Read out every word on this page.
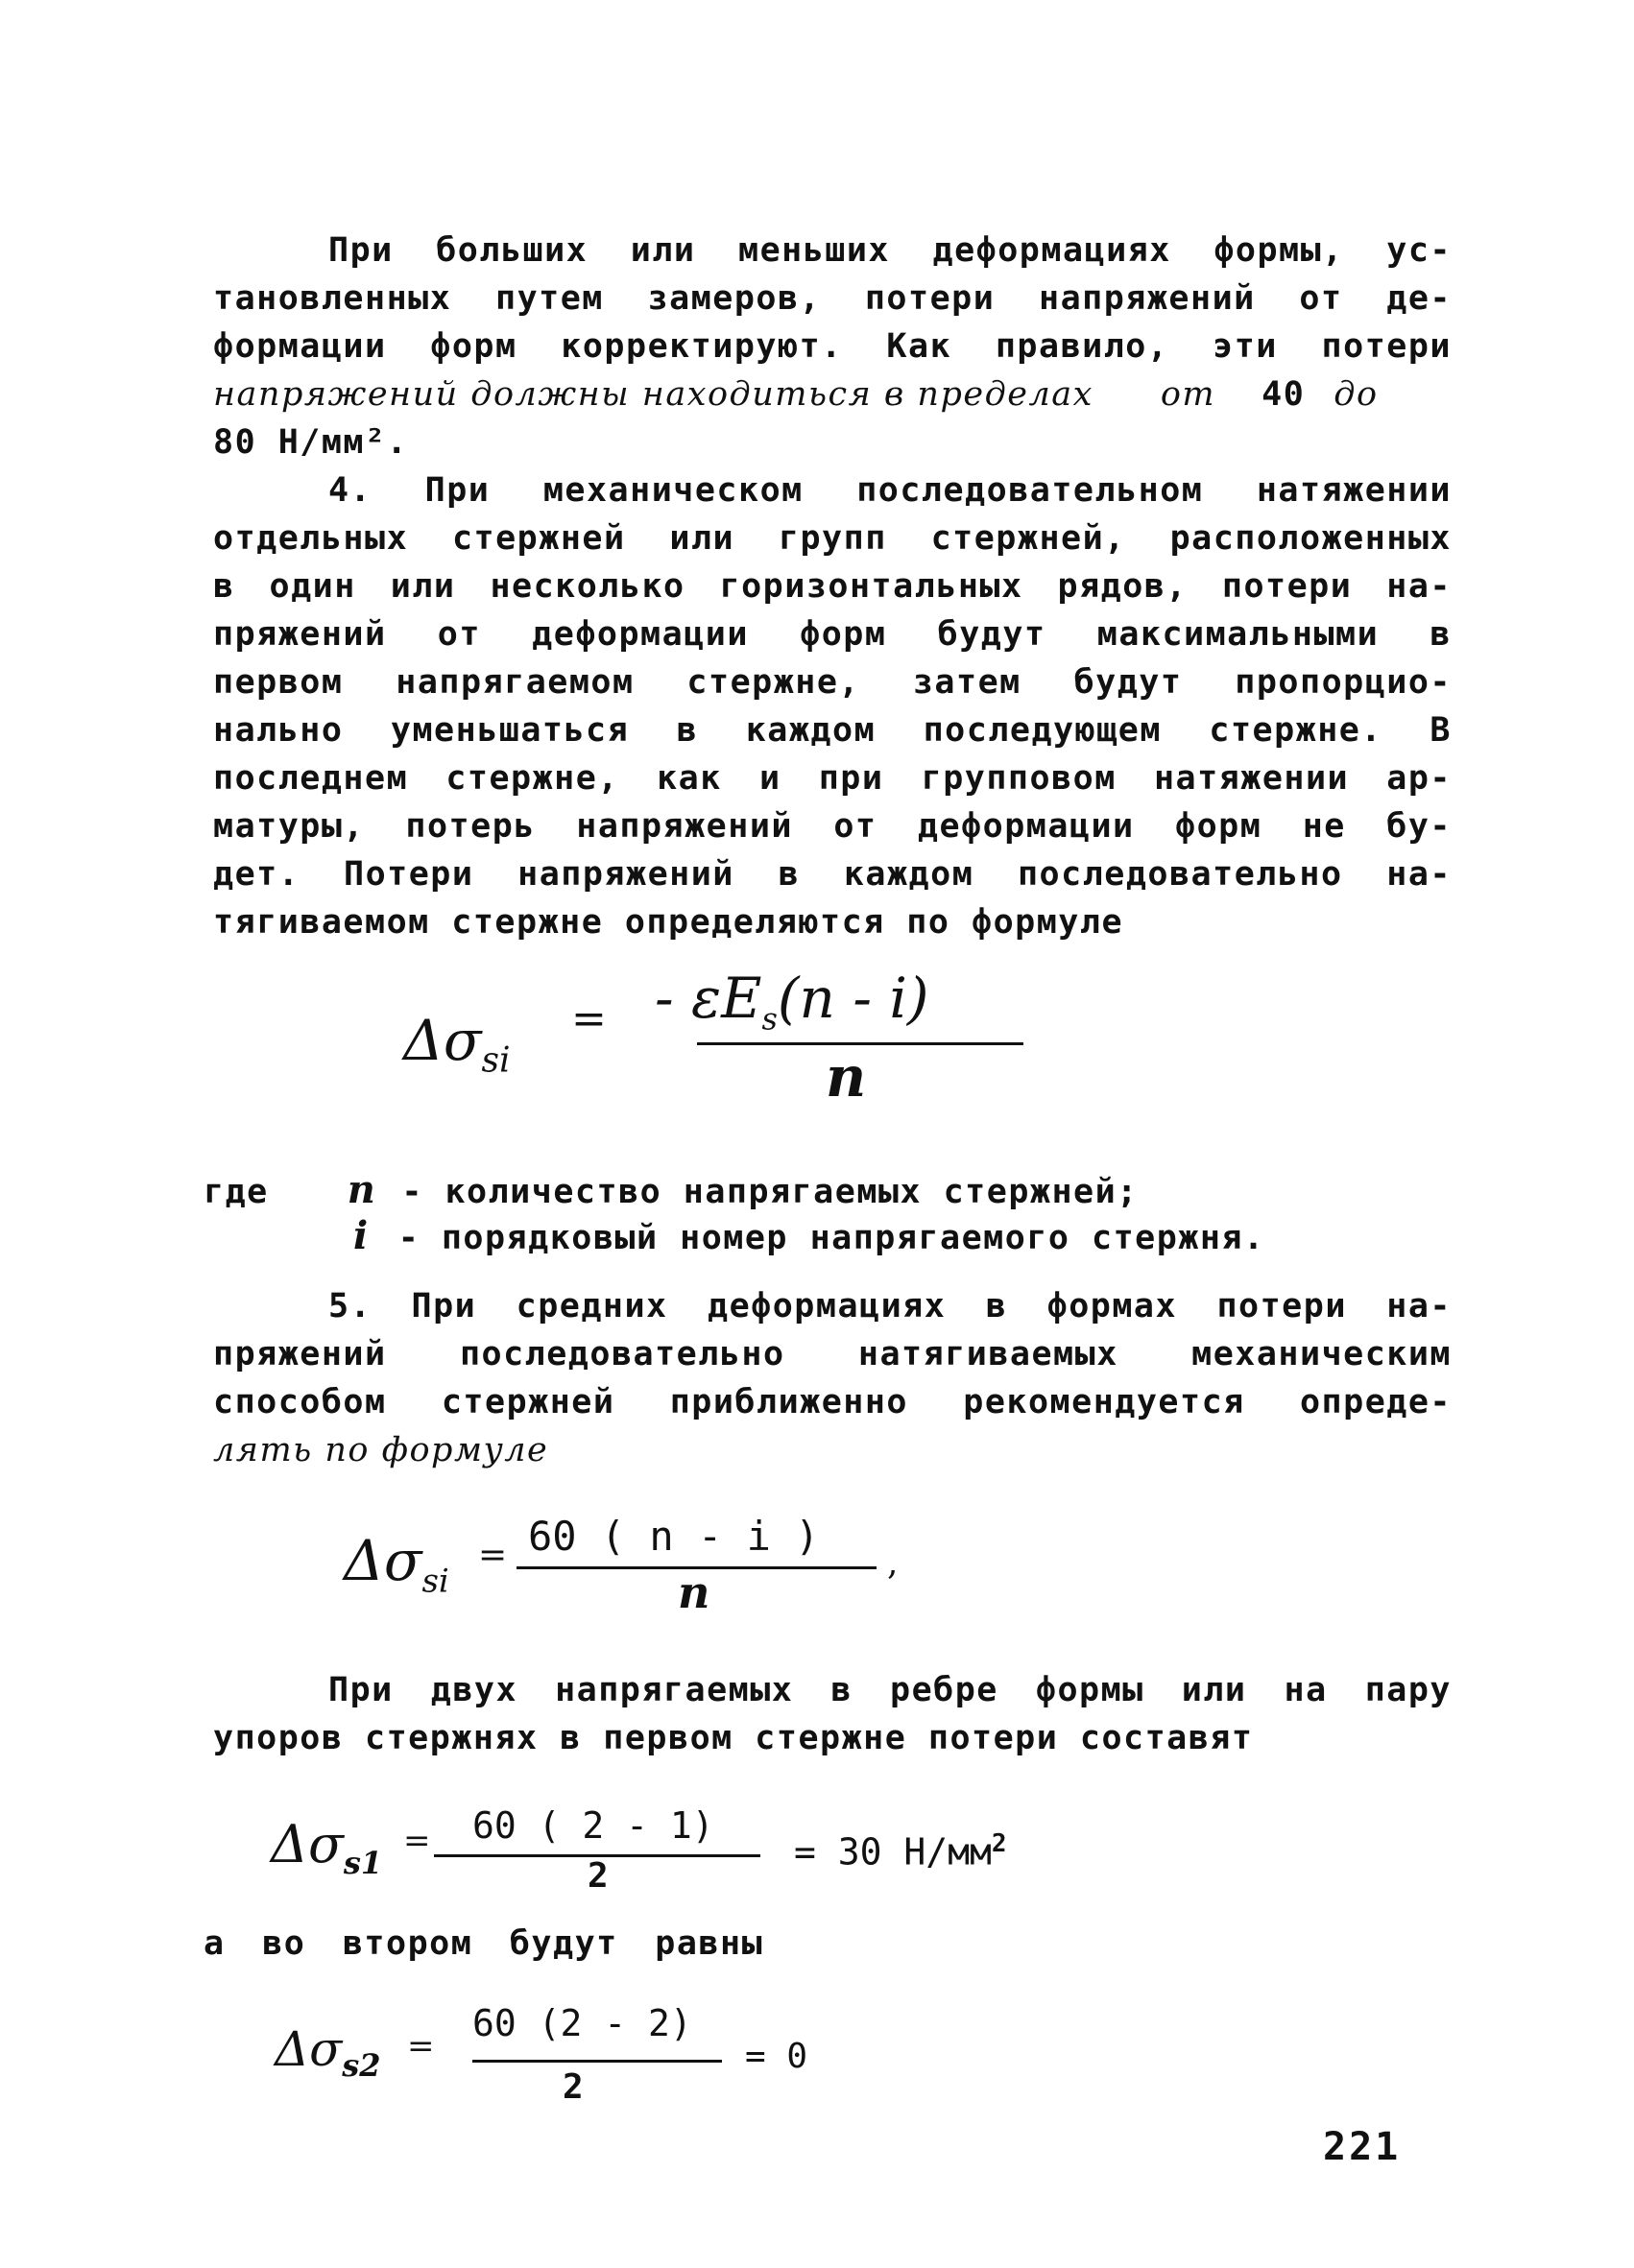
При больших или меньших деформациях формы, ус-
тановленных путем замеров, потери напряжений от де-
формации форм корректируют. Как правило, эти потери
напряжений должны находиться в пределах от 40 до
80 Н/мм².
4. При механическом последовательном натяжении
отдельных стержней или групп стержней, расположенных
в один или несколько горизонтальных рядов, потери на-
пряжений от деформации форм будут максимальными в
первом напрягаемом стержне, затем будут пропорцио-
нально уменьшаться в каждом последующем стержне. В
последнем стержне, как и при групповом натяжении ар-
матуры, потерь напряжений от деформации форм не бу-
дет. Потери напряжений в каждом последовательно на-
тягиваемом стержне определяются по формуле
$\Delta\sigma_{si}$
= - $\varepsilon E_s(n - i)$
n
где n - количество напрягаемых стержней;
i - порядковый номер напрягаемого стержня.
5. При средних деформациях в формах потери на-
пряжений последовательно натягиваемых механическим
способом стержней приближенно рекомендуется опреде-
лять по формуле
$\Delta\sigma_{si}$
= 60 ( n - i )
n
,
При двух напрягаемых в ребре формы или на пару
упоров стержнях в первом стержне потери составят
$\Delta\sigma_{s1}$
= 60 ( 2 - 1)
2
= 30 $Н/мм^2$
а во втором будут равны
$\Delta\sigma_{s2}$ =
60 (2 - 2)
2
= 0
221
